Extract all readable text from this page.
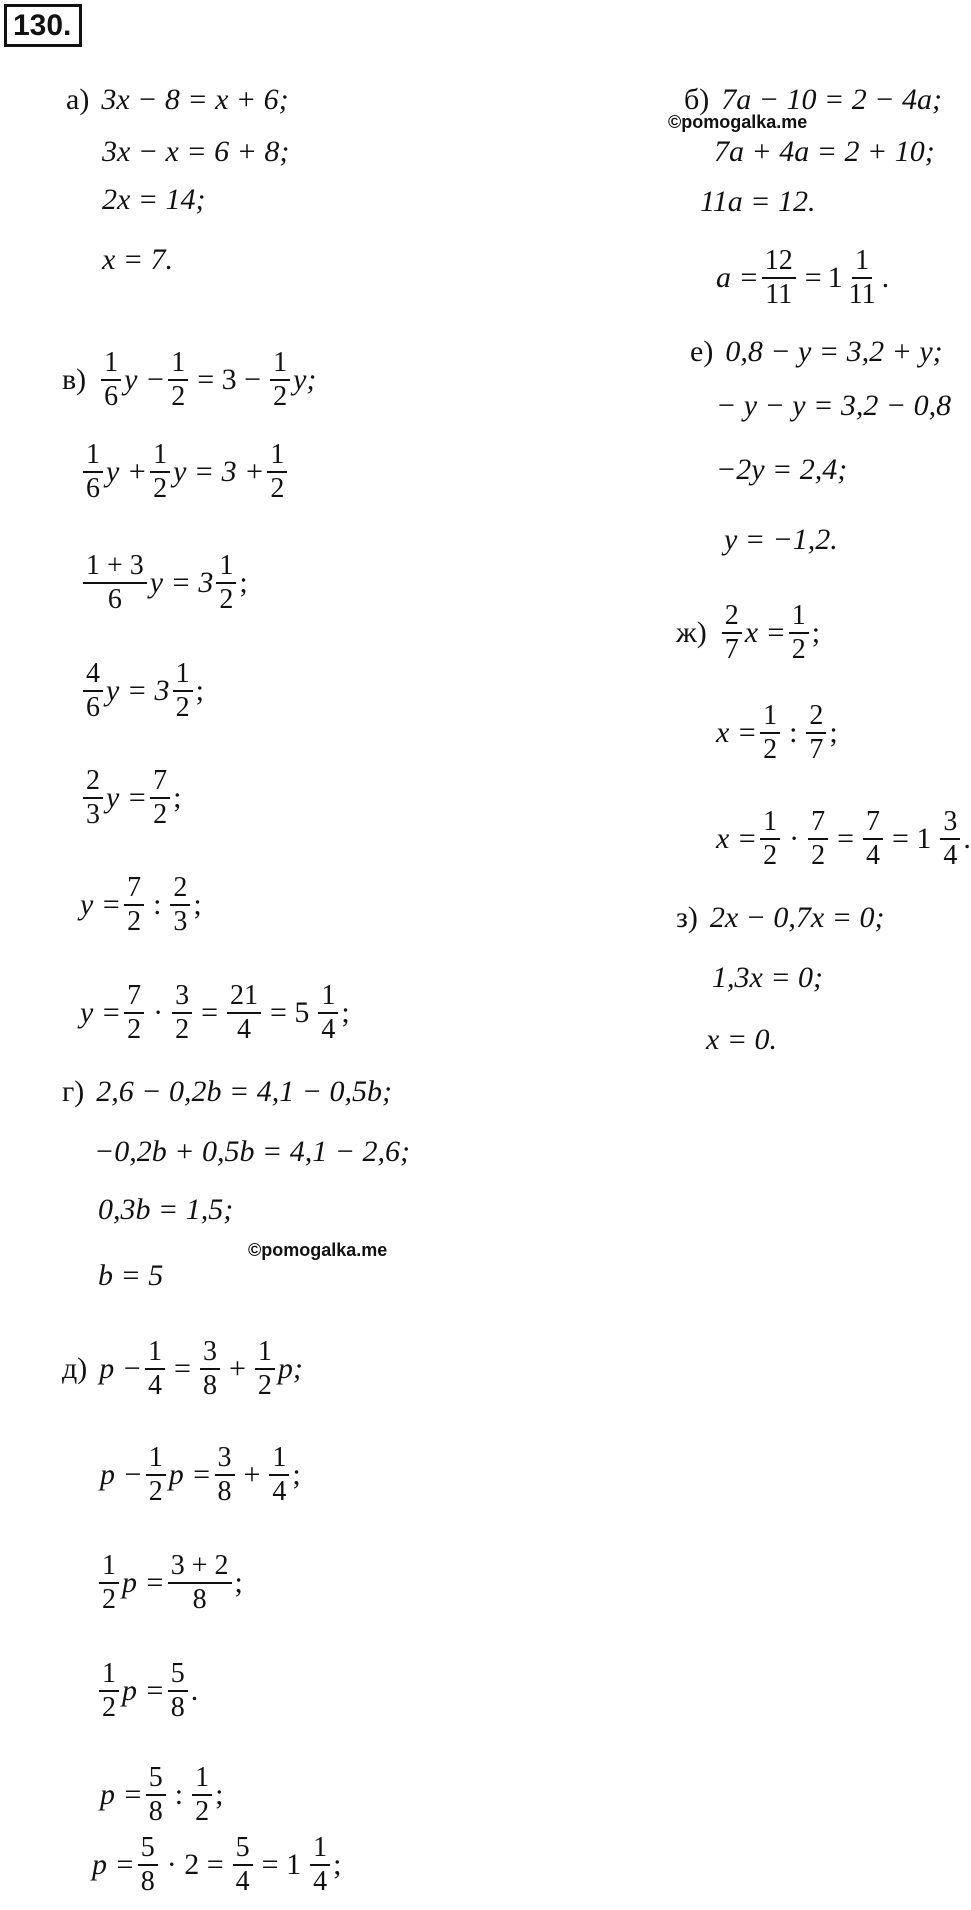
130.
©pomogalka.me
©pomogalka.me
а) 3x − 8 = x + 6;
3x − x = 6 + 8;
2x = 14;
x = 7.
$в) \frac{1}{6}$ $y - \frac{1}{2} = 3 - \frac{1}{2} y$;
$\frac{1}{6}$ $y + \frac{1}{2}$ $y = 3 + \frac{1}{2}$
$\frac{1 + 3}{6}$ $y = 3 \frac{1}{2}$ ;
$\frac{4}{6}$ $y = 3 \frac{1}{2}$ ;
$\frac{2}{3}$ $y = \frac{7}{2}$ ;
$y = \frac{7}{2}$ : $\frac{2}{3}$ ;
$y = \frac{7}{2} \cdot \frac{3}{2} = \frac{21}{4} = 5 \frac{1}{4}$ ;
г) 2,6 − 0,2b = 4,1 − 0,5b;
−0,2b + 0,5b = 4,1 − 2,6;
0,3b = 1,5;
b = 5
д) $p - \frac{1}{4} = \frac{3}{8} + \frac{1}{2} p$;
$p - \frac{1}{2}$ $p = \frac{3}{8} + \frac{1}{4}$ ;
$\frac{1}{2}$ $p = \frac{3 + 2}{8}$ ;
$\frac{1}{2}$ $p = \frac{5}{8}$ .
$p = \frac{5}{8}$ : $\frac{1}{2}$ ;
$p = \frac{5}{8} \cdot 2 = \frac{5}{4} = 1 \frac{1}{4}$ ;
б) 7a − 10 = 2 − 4a;
7a + 4a = 2 + 10;
11a = 12.
$a = \frac{12}{11} = 1 \frac{1}{11}$ .
е) 0,8 − y = 3,2 + y;
− y − y = 3,2 − 0,8
−2y = 2,4;
y = −1,2.
$ж) \frac{2}{7}$ $x = \frac{1}{2}$ ;
$x = \frac{1}{2}$ : $\frac{2}{7}$ ;
$x = \frac{1}{2} \cdot \frac{7}{2} = \frac{7}{4} = 1 \frac{3}{4}$ .
з) 2x − 0,7x = 0;
1,3x = 0;
x = 0.
